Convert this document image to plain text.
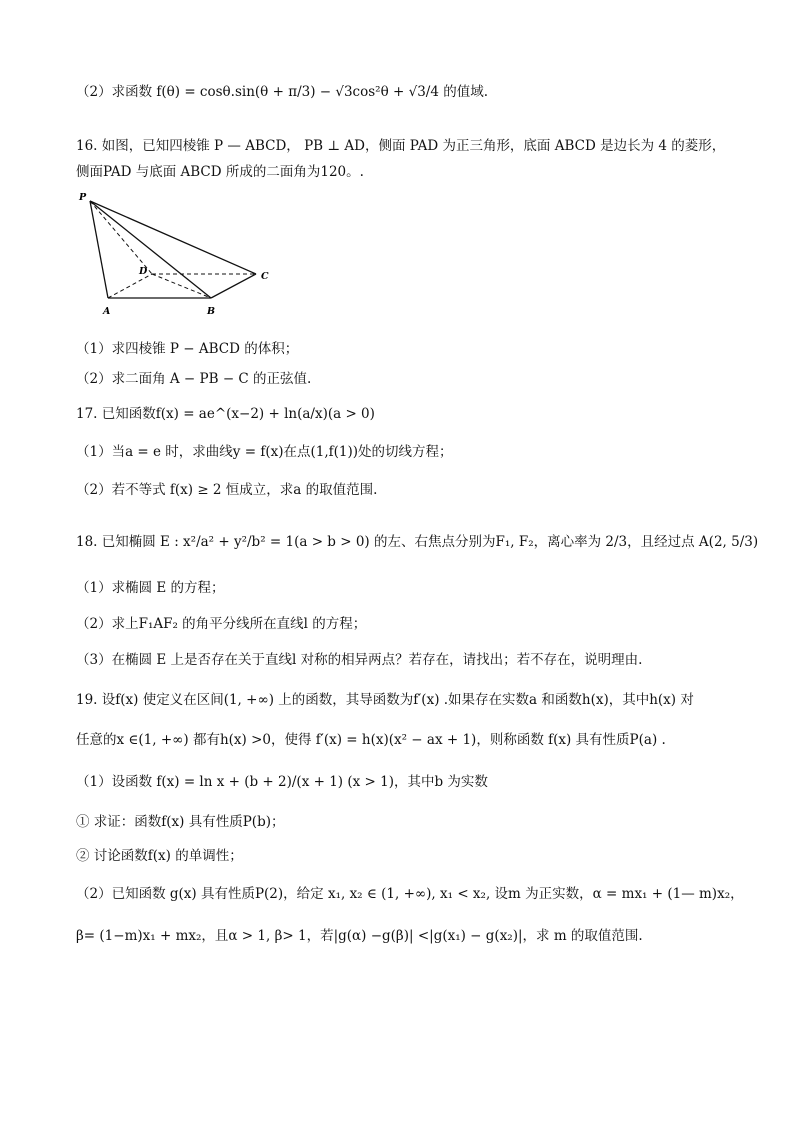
（2）求函数 f(θ) = cosθ.sin(θ + π/3) − √3cos²θ + √3/4 的值域.
16. 如图，已知四棱锥 P — ABCD， PB ⊥ AD，侧面 PAD 为正三角形，底面 ABCD 是边长为 4 的菱形，
侧面PAD 与底面 ABCD 所成的二面角为120。.
P
D	C
A	B
（1）求四棱锥 P − ABCD 的体积；
（2）求二面角 A − PB − C 的正弦值.
17. 已知函数f(x) = ae^(x−2) + ln(a/x)(a > 0)
（1）当a = e 时，求曲线y = f(x)在点(1,f(1))处的切线方程；
（2）若不等式 f(x) ≥ 2 恒成立，求a 的取值范围.
18. 已知椭圆 E : x²/a² + y²/b² = 1(a > b > 0) 的左、右焦点分别为F₁, F₂，离心率为 2/3，且经过点 A(2, 5/3)
（1）求椭圆 E 的方程；
（2）求上F₁AF₂ 的角平分线所在直线l 的方程；
（3）在椭圆 E 上是否存在关于直线l 对称的相异两点？若存在，请找出；若不存在，说明理由.
19. 设f(x) 使定义在区间(1, +∞) 上的函数，其导函数为f′(x) .如果存在实数a 和函数h(x)，其中h(x) 对
任意的x ∈(1, +∞) 都有h(x) >0，使得 f′(x) = h(x)(x² − ax + 1)，则称函数 f(x) 具有性质P(a) .
（1）设函数 f(x) = ln x + (b + 2)/(x + 1) (x > 1)，其中b 为实数
① 求证：函数f(x) 具有性质P(b)；
② 讨论函数f(x) 的单调性；
（2）已知函数 g(x) 具有性质P(2)，给定 x₁, x₂ ∈ (1, +∞), x₁ < x₂, 设m 为正实数，α = mx₁ + (1— m)x₂，
β= (1−m)x₁ + mx₂，且α > 1, β> 1，若|g(α) −g(β)| <|g(x₁) − g(x₂)|，求 m 的取值范围.
